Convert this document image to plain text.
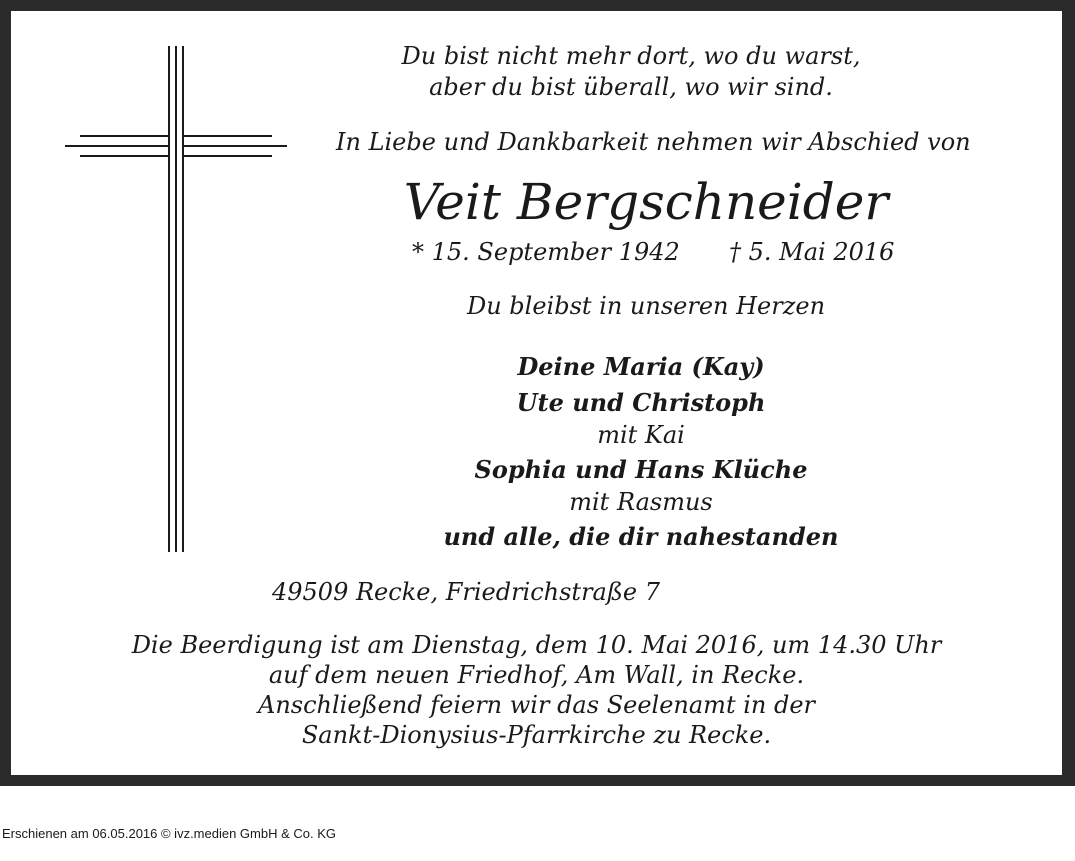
Du bist nicht mehr dort, wo du warst,
aber du bist überall, wo wir sind.
In Liebe und Dankbarkeit nehmen wir Abschied von
Veit Bergschneider
* 15. September 1942 † 5. Mai 2016
Du bleibst in unseren Herzen
Deine Maria (Kay)
Ute und Christoph
mit Kai
Sophia und Hans Klüche
mit Rasmus
und alle, die dir nahestanden
49509 Recke, Friedrichstraße 7
Die Beerdigung ist am Dienstag, dem 10. Mai 2016, um 14.30 Uhr
auf dem neuen Friedhof, Am Wall, in Recke.
Anschließend feiern wir das Seelenamt in der
Sankt-Dionysius-Pfarrkirche zu Recke.
Erschienen am 06.05.2016 © ivz.medien GmbH & Co. KG
